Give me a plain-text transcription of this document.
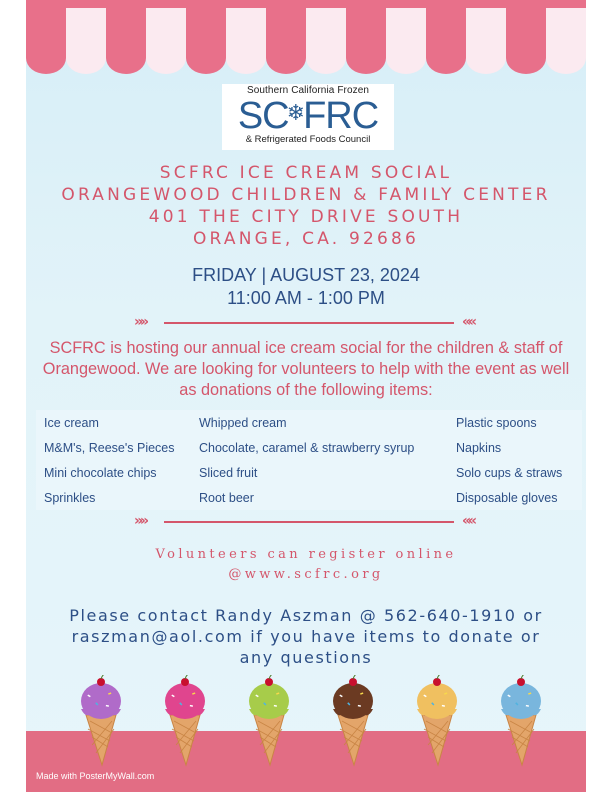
Southern California Frozen
SC❄FRC
& Refrigerated Foods Council
SCFRC ICE CREAM SOCIAL
ORANGEWOOD CHILDREN & FAMILY CENTER
401 THE CITY DRIVE SOUTH
ORANGE, CA. 92686
FRIDAY | AUGUST 23, 2024
11:00 AM - 1:00 PM
»»	««
SCFRC is hosting our annual ice cream social for the children & staff of Orangewood. We are looking for volunteers to help with the event as well as donations of the following items:
Ice cream
M&M's, Reese's Pieces
Mini chocolate chips
Sprinkles
Whipped cream
Chocolate, caramel & strawberry syrup
Sliced fruit
Root beer
Plastic spoons
Napkins
Solo cups & straws
Disposable gloves
»»	««
Volunteers can register online
@www.scfrc.org
Please contact Randy Aszman @ 562-640-1910 or
raszman@aol.com if you have items to donate or
any questions
Made with PosterMyWall.com
